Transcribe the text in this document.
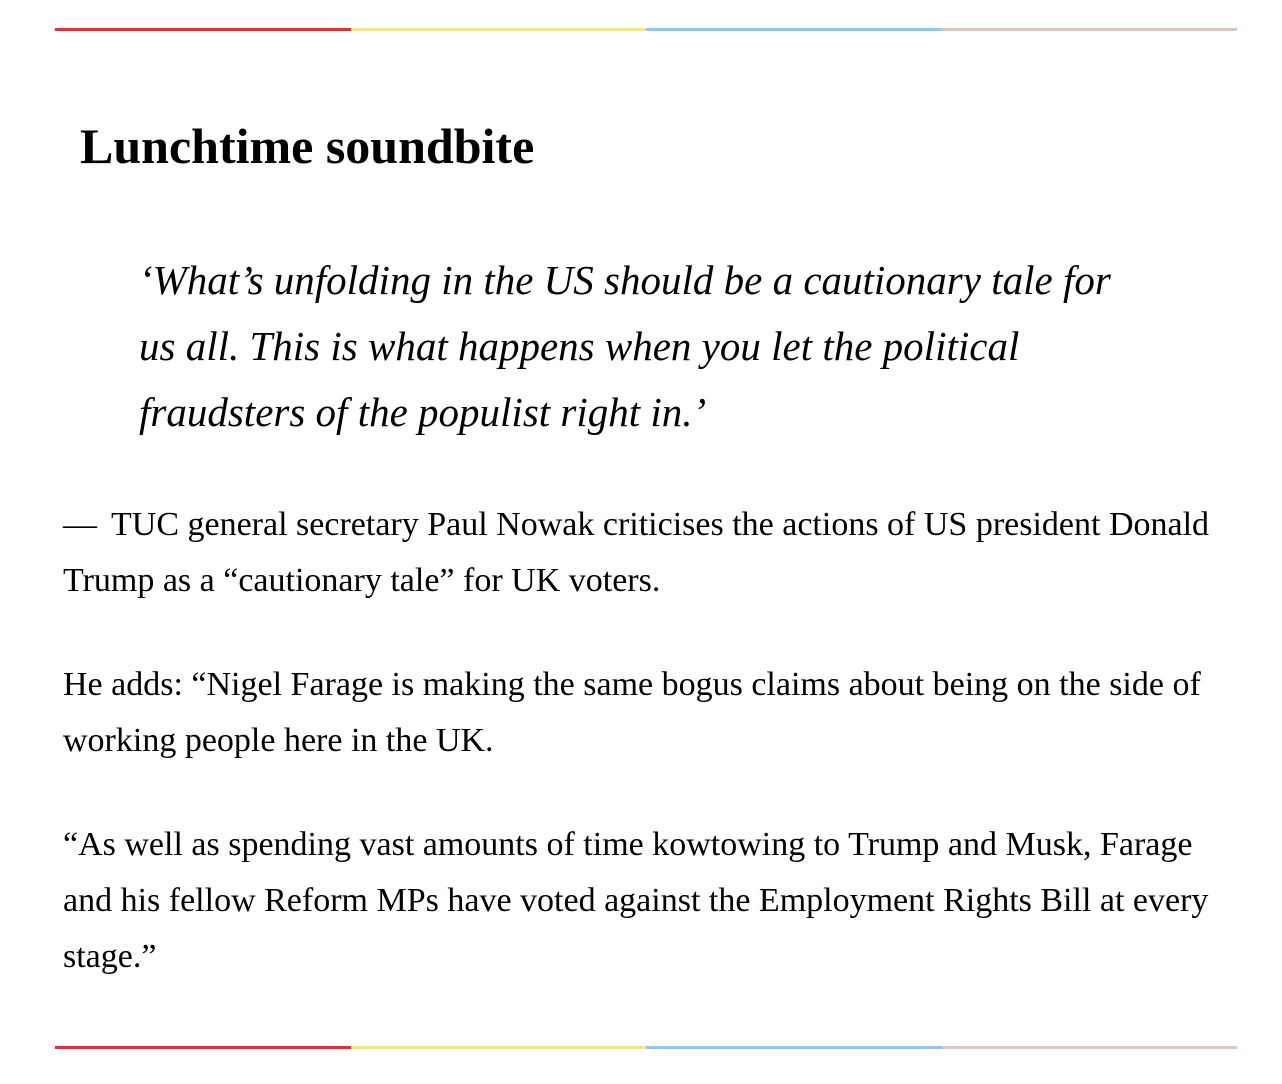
Lunchtime soundbite
‘What’s unfolding in the US should be a cautionary tale for us all. This is what happens when you let the political fraudsters of the populist right in.’

— TUC general secretary Paul Nowak criticises the actions of US president Donald Trump as a “cautionary tale” for UK voters.

He adds: “Nigel Farage is making the same bogus claims about being on the side of working people here in the UK.

“As well as spending vast amounts of time kowtowing to Trump and Musk, Farage and his fellow Reform MPs have voted against the Employment Rights Bill at every stage.”
